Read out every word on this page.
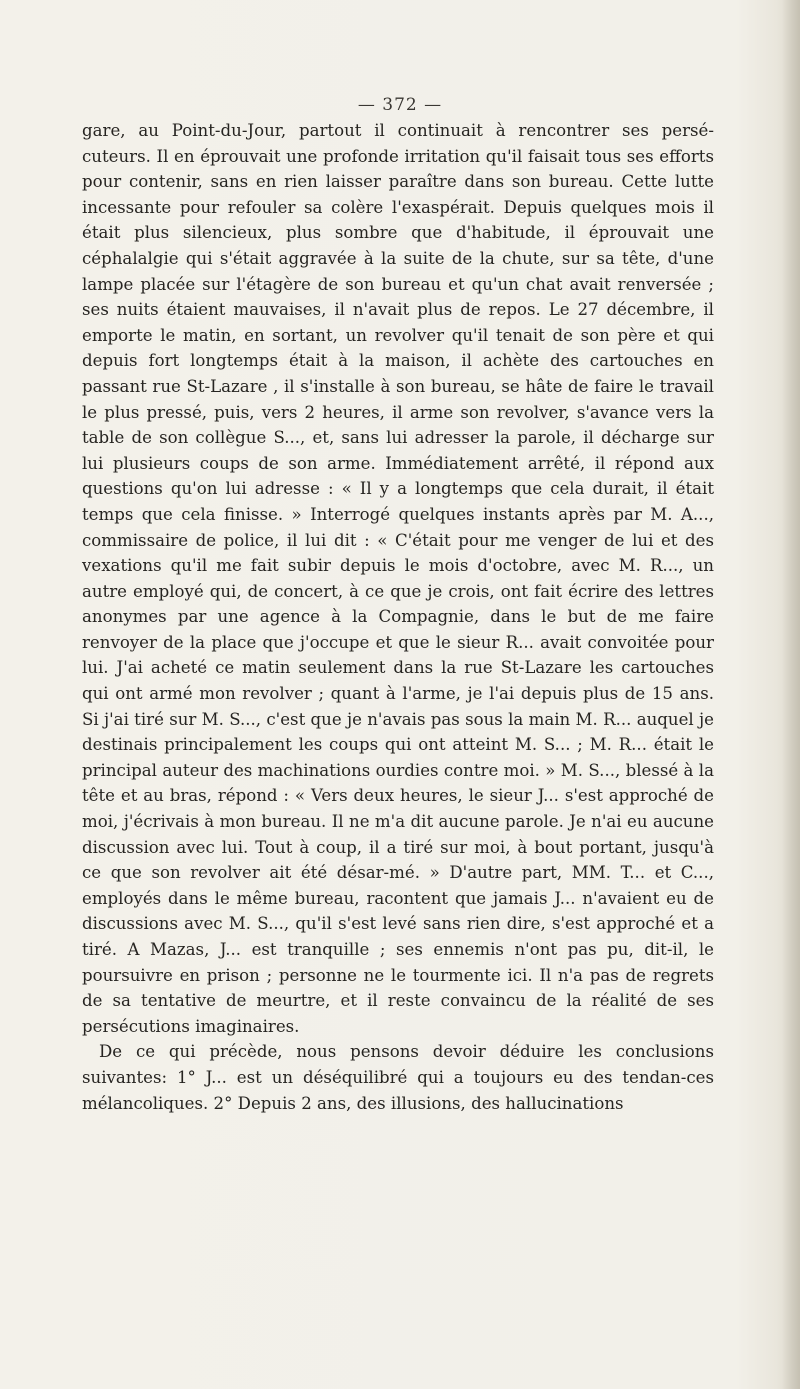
— 372 —

gare, au Point-du-Jour, partout il continuait à rencontrer ses persé-cuteurs. Il en éprouvait une profonde irritation qu'il faisait tous ses efforts pour contenir, sans en rien laisser paraître dans son bureau. Cette lutte incessante pour refouler sa colère l'exaspérait. Depuis quelques mois il était plus silencieux, plus sombre que d'habitude, il éprouvait une céphalalgie qui s'était aggravée à la suite de la chute, sur sa tête, d'une lampe placée sur l'étagère de son bureau et qu'un chat avait renversée ; ses nuits étaient mauvaises, il n'avait plus de repos. Le 27 décembre, il emporte le matin, en sortant, un revolver qu'il tenait de son père et qui depuis fort longtemps était à la maison, il achète des cartouches en passant rue St-Lazare , il s'installe à son bureau, se hâte de faire le travail le plus pressé, puis, vers 2 heures, il arme son revolver, s'avance vers la table de son collègue S..., et, sans lui adresser la parole, il décharge sur lui plusieurs coups de son arme. Immédiatement arrêté, il répond aux questions qu'on lui adresse : « Il y a longtemps que cela durait, il était temps que cela finisse. » Interrogé quelques instants après par M. A..., commissaire de police, il lui dit : « C'était pour me venger de lui et des vexations qu'il me fait subir depuis le mois d'octobre, avec M. R..., un autre employé qui, de concert, à ce que je crois, ont fait écrire des lettres anonymes par une agence à la Compagnie, dans le but de me faire renvoyer de la place que j'occupe et que le sieur R... avait convoitée pour lui. J'ai acheté ce matin seulement dans la rue St-Lazare les cartouches qui ont armé mon revolver ; quant à l'arme, je l'ai depuis plus de 15 ans. Si j'ai tiré sur M. S..., c'est que je n'avais pas sous la main M. R... auquel je destinais principalement les coups qui ont atteint M. S... ; M. R... était le principal auteur des machinations ourdies contre moi. » M. S..., blessé à la tête et au bras, répond : « Vers deux heures, le sieur J... s'est approché de moi, j'écrivais à mon bureau. Il ne m'a dit aucune parole. Je n'ai eu aucune discussion avec lui. Tout à coup, il a tiré sur moi, à bout portant, jusqu'à ce que son revolver ait été désar-mé. » D'autre part, MM. T... et C..., employés dans le même bureau, racontent que jamais J... n'avaient eu de discussions avec M. S..., qu'il s'est levé sans rien dire, s'est approché et a tiré. A Mazas, J... est tranquille ; ses ennemis n'ont pas pu, dit-il, le poursuivre en prison ; personne ne le tourmente ici. Il n'a pas de regrets de sa tentative de meurtre, et il reste convaincu de la réalité de ses persécutions imaginaires.

De ce qui précède, nous pensons devoir déduire les conclusions suivantes: 1° J... est un déséquilibré qui a toujours eu des tendan-ces mélancoliques. 2° Depuis 2 ans, des illusions, des hallucinations
